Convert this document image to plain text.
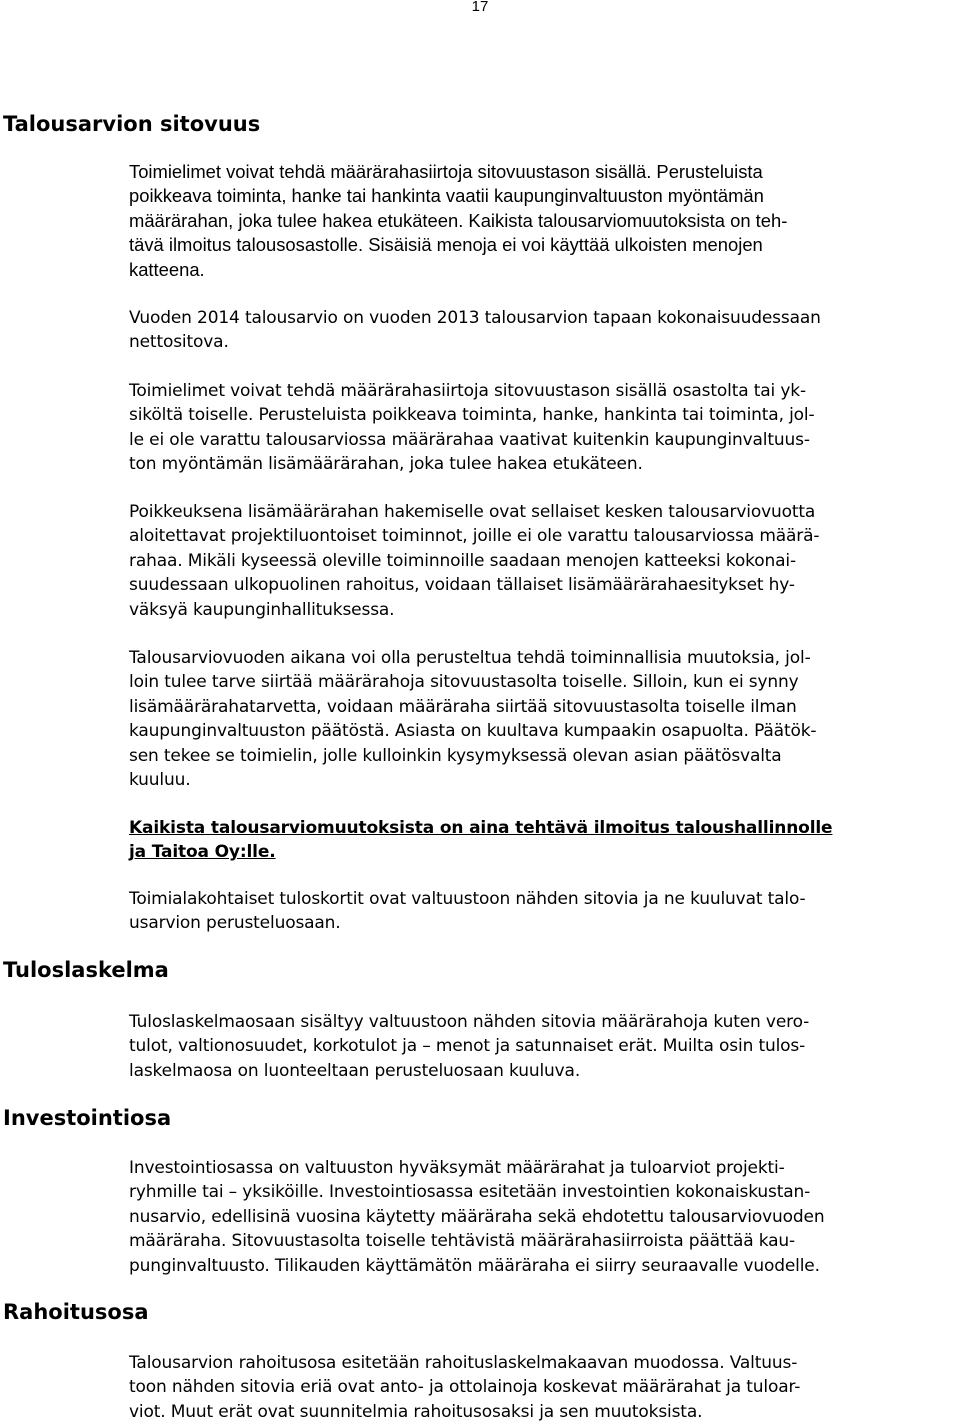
17
Talousarvion sitovuus
Tuloslaskelma
Investointiosa
Rahoitusosa
Toimielimet voivat tehdä määrärahasiirtoja sitovuustason sisällä. Perusteluista
poikkeava toiminta, hanke tai hankinta vaatii kaupunginvaltuuston myöntämän
määrärahan, joka tulee hakea etukäteen. Kaikista talousarviomuutoksista on teh-
tävä ilmoitus talousosastolle. Sisäisiä menoja ei voi käyttää ulkoisten menojen
katteena.
Vuoden 2014 talousarvio on vuoden 2013 talousarvion tapaan kokonaisuudessaan
nettositova.
Toimielimet voivat tehdä määrärahasiirtoja sitovuustason sisällä osastolta tai yk-
siköltä toiselle. Perusteluista poikkeava toiminta, hanke, hankinta tai toiminta, jol-
le ei ole varattu talousarviossa määrärahaa vaativat kuitenkin kaupunginvaltuus-
ton myöntämän lisämäärärahan, joka tulee hakea etukäteen.
Poikkeuksena lisämäärärahan hakemiselle ovat sellaiset kesken talousarviovuotta
aloitettavat projektiluontoiset toiminnot, joille ei ole varattu talousarviossa määrä-
rahaa. Mikäli kyseessä oleville toiminnoille saadaan menojen katteeksi kokonai-
suudessaan ulkopuolinen rahoitus, voidaan tällaiset lisämäärärahaesitykset hy-
väksyä kaupunginhallituksessa.
Talousarviovuoden aikana voi olla perusteltua tehdä toiminnallisia muutoksia, jol-
loin tulee tarve siirtää määrärahoja sitovuustasolta toiselle. Silloin, kun ei synny
lisämäärärahatarvetta, voidaan määräraha siirtää sitovuustasolta toiselle ilman
kaupunginvaltuuston päätöstä. Asiasta on kuultava kumpaakin osapuolta. Päätök-
sen tekee se toimielin, jolle kulloinkin kysymyksessä olevan asian päätösvalta
kuuluu.
Kaikista talousarviomuutoksista on aina tehtävä ilmoitus taloushallinnolle
ja Taitoa Oy:lle.
Toimialakohtaiset tuloskortit ovat valtuustoon nähden sitovia ja ne kuuluvat talo-
usarvion perusteluosaan.
Tuloslaskelmaosaan sisältyy valtuustoon nähden sitovia määrärahoja kuten vero-
tulot, valtionosuudet, korkotulot ja – menot ja satunnaiset erät. Muilta osin tulos-
laskelmaosa on luonteeltaan perusteluosaan kuuluva.
Investointiosassa on valtuuston hyväksymät määrärahat ja tuloarviot projekti-
ryhmille tai – yksiköille. Investointiosassa esitetään investointien kokonaiskustan-
nusarvio, edellisinä vuosina käytetty määräraha sekä ehdotettu talousarviovuoden
määräraha. Sitovuustasolta toiselle tehtävistä määrärahasiirroista päättää kau-
punginvaltuusto. Tilikauden käyttämätön määräraha ei siirry seuraavalle vuodelle.
Talousarvion rahoitusosa esitetään rahoituslaskelmakaavan muodossa. Valtuus-
toon nähden sitovia eriä ovat anto- ja ottolainoja koskevat määrärahat ja tuloar-
viot. Muut erät ovat suunnitelmia rahoitusosaksi ja sen muutoksista.
